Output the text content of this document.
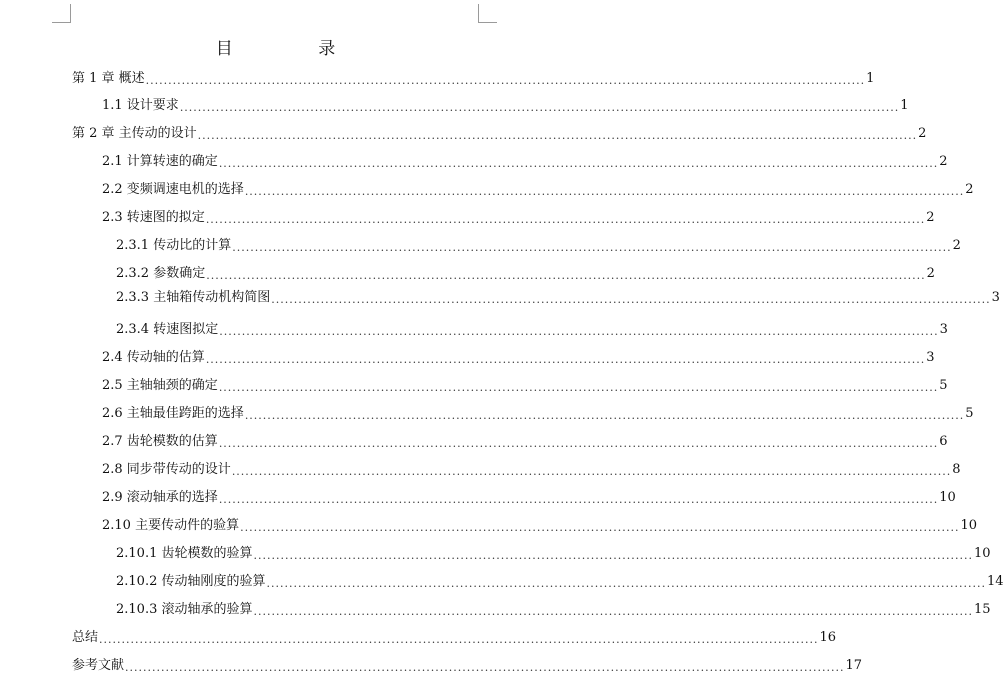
目 录
第 1 章 概述 ................................................................................................................................................................ 1
1.1 设计要求 ................................................................................................................................................................ 1
第 2 章 主传动的设计 ................................................................................................................................................................ 2
2.1 计算转速的确定 ................................................................................................................................................................ 2
2.2 变频调速电机的选择 ................................................................................................................................................................ 2
2.3 转速图的拟定 ................................................................................................................................................................ 2
2.3.1 传动比的计算 ................................................................................................................................................................ 2
2.3.2 参数确定 ................................................................................................................................................................ 2
2.3.3 主轴箱传动机构简图 ................................................................................................................................................................ 3
2.3.4 转速图拟定 ................................................................................................................................................................ 3
2.4 传动轴的估算 ................................................................................................................................................................ 3
2.5 主轴轴颈的确定 ................................................................................................................................................................ 5
2.6 主轴最佳跨距的选择 ................................................................................................................................................................ 5
2.7 齿轮模数的估算 ................................................................................................................................................................ 6
2.8 同步带传动的设计 ................................................................................................................................................................ 8
2.9 滚动轴承的选择 ................................................................................................................................................................ 10
2.10 主要传动件的验算 ................................................................................................................................................................ 10
2.10.1 齿轮模数的验算 ................................................................................................................................................................ 10
2.10.2 传动轴刚度的验算 ................................................................................................................................................................ 14
2.10.3 滚动轴承的验算 ................................................................................................................................................................ 15
总结 ................................................................................................................................................................ 16
参考文献 ................................................................................................................................................................ 17
